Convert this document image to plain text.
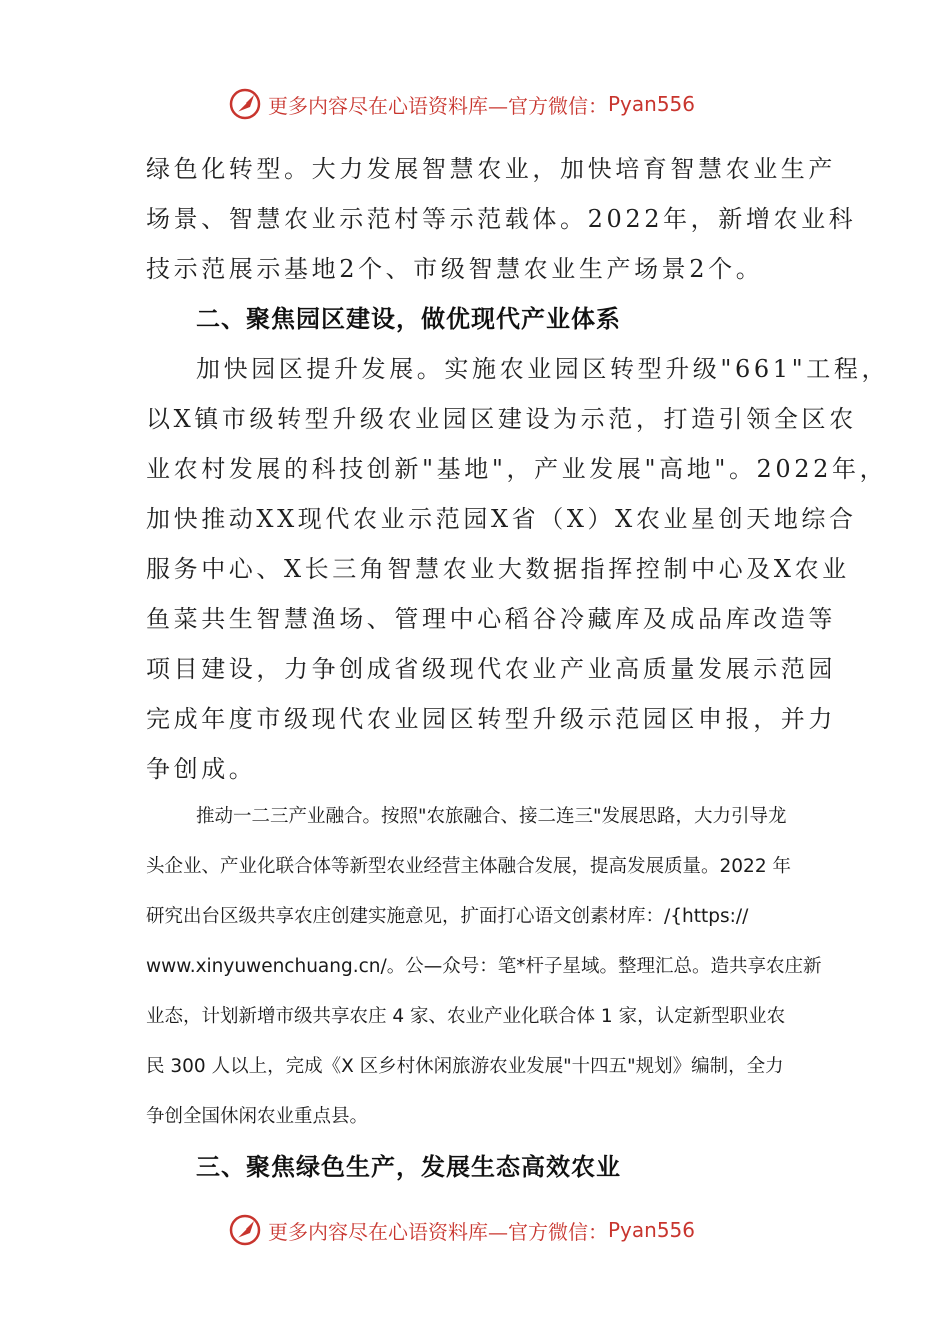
更多内容尽在心语资料库—官方微信： Pyan556
绿色化转型。大力发展智慧农业，加快培育智慧农业生产
场景、智慧农业示范村等示范载体。2022年，新增农业科
技示范展示基地2个、市级智慧农业生产场景2个。
二、聚焦园区建设，做优现代产业体系
加快园区提升发展。实施农业园区转型升级"661"工程，
以X镇市级转型升级农业园区建设为示范，打造引领全区农
业农村发展的科技创新"基地"，产业发展"高地"。2022年，
加快推动XX现代农业示范园X省（X）X农业星创天地综合
服务中心、X长三角智慧农业大数据指挥控制中心及X农业
鱼菜共生智慧渔场、管理中心稻谷冷藏库及成品库改造等
项目建设，力争创成省级现代农业产业高质量发展示范园
完成年度市级现代农业园区转型升级示范园区申报，并力
争创成。
推动一二三产业融合。按照"农旅融合、接二连三"发展思路，大力引导龙
头企业、产业化联合体等新型农业经营主体融合发展，提高发展质量。2022 年
研究出台区级共享农庄创建实施意见，扩面打心语文创素材库：/{https://
www.xinyuwenchuang.cn/。公—众号：笔*杆子星域。整理汇总。造共享农庄新
业态，计划新增市级共享农庄 4 家、农业产业化联合体 1 家，认定新型职业农
民 300 人以上，完成《X 区乡村休闲旅游农业发展"十四五"规划》编制，全力
争创全国休闲农业重点县。
三、聚焦绿色生产，发展生态高效农业
更多内容尽在心语资料库—官方微信： Pyan556
